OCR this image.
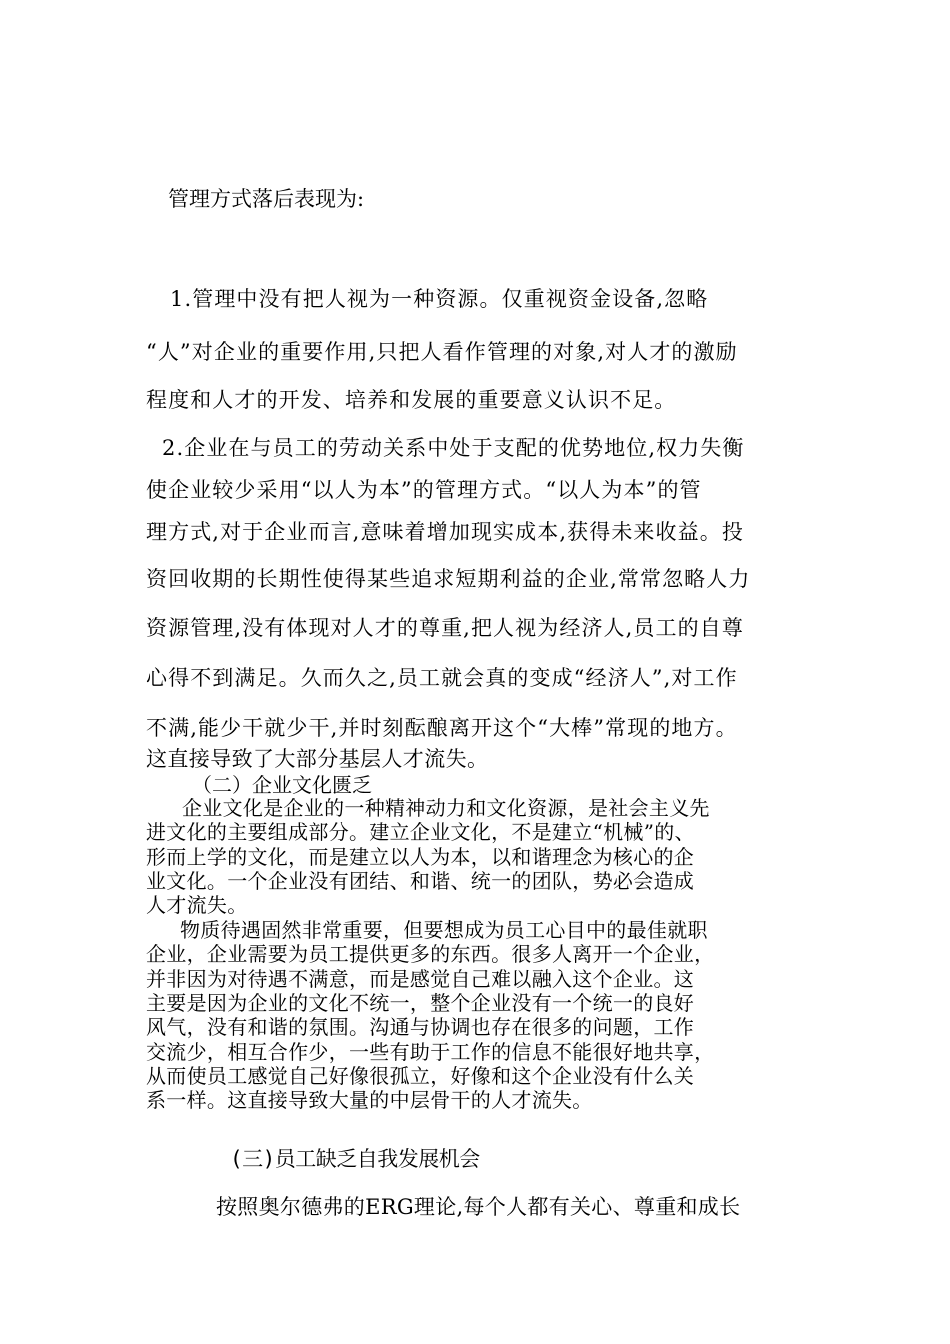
管理方式落后表现为:
1.管理中没有把人视为一种资源。仅重视资金设备,忽略
“人”对企业的重要作用,只把人看作管理的对象,对人才的激励
程度和人才的开发、培养和发展的重要意义认识不足。
2.企业在与员工的劳动关系中处于支配的优势地位,权力失衡
使企业较少采用“以人为本”的管理方式。“以人为本”的管
理方式,对于企业而言,意味着增加现实成本,获得未来收益。投
资回收期的长期性使得某些追求短期利益的企业,常常忽略人力
资源管理,没有体现对人才的尊重,把人视为经济人,员工的自尊
心得不到满足。久而久之,员工就会真的变成“经济人”,对工作
不满,能少干就少干,并时刻酝酿离开这个“大棒”常现的地方。
这直接导致了大部分基层人才流失。
（二）企业文化匮乏
企业文化是企业的一种精神动力和文化资源，是社会主义先
进文化的主要组成部分。建立企业文化，不是建立“机械”的、
形而上学的文化，而是建立以人为本，以和谐理念为核心的企
业文化。一个企业没有团结、和谐、统一的团队，势必会造成
人才流失。
物质待遇固然非常重要，但要想成为员工心目中的最佳就职
企业，企业需要为员工提供更多的东西。很多人离开一个企业，
并非因为对待遇不满意，而是感觉自己难以融入这个企业。这
主要是因为企业的文化不统一，整个企业没有一个统一的良好
风气，没有和谐的氛围。沟通与协调也存在很多的问题，工作
交流少，相互合作少，一些有助于工作的信息不能很好地共享，
从而使员工感觉自己好像很孤立，好像和这个企业没有什么关
系一样。这直接导致大量的中层骨干的人才流失。
(三)员工缺乏自我发展机会
按照奥尔德弗的ERG理论,每个人都有关心、尊重和成长
